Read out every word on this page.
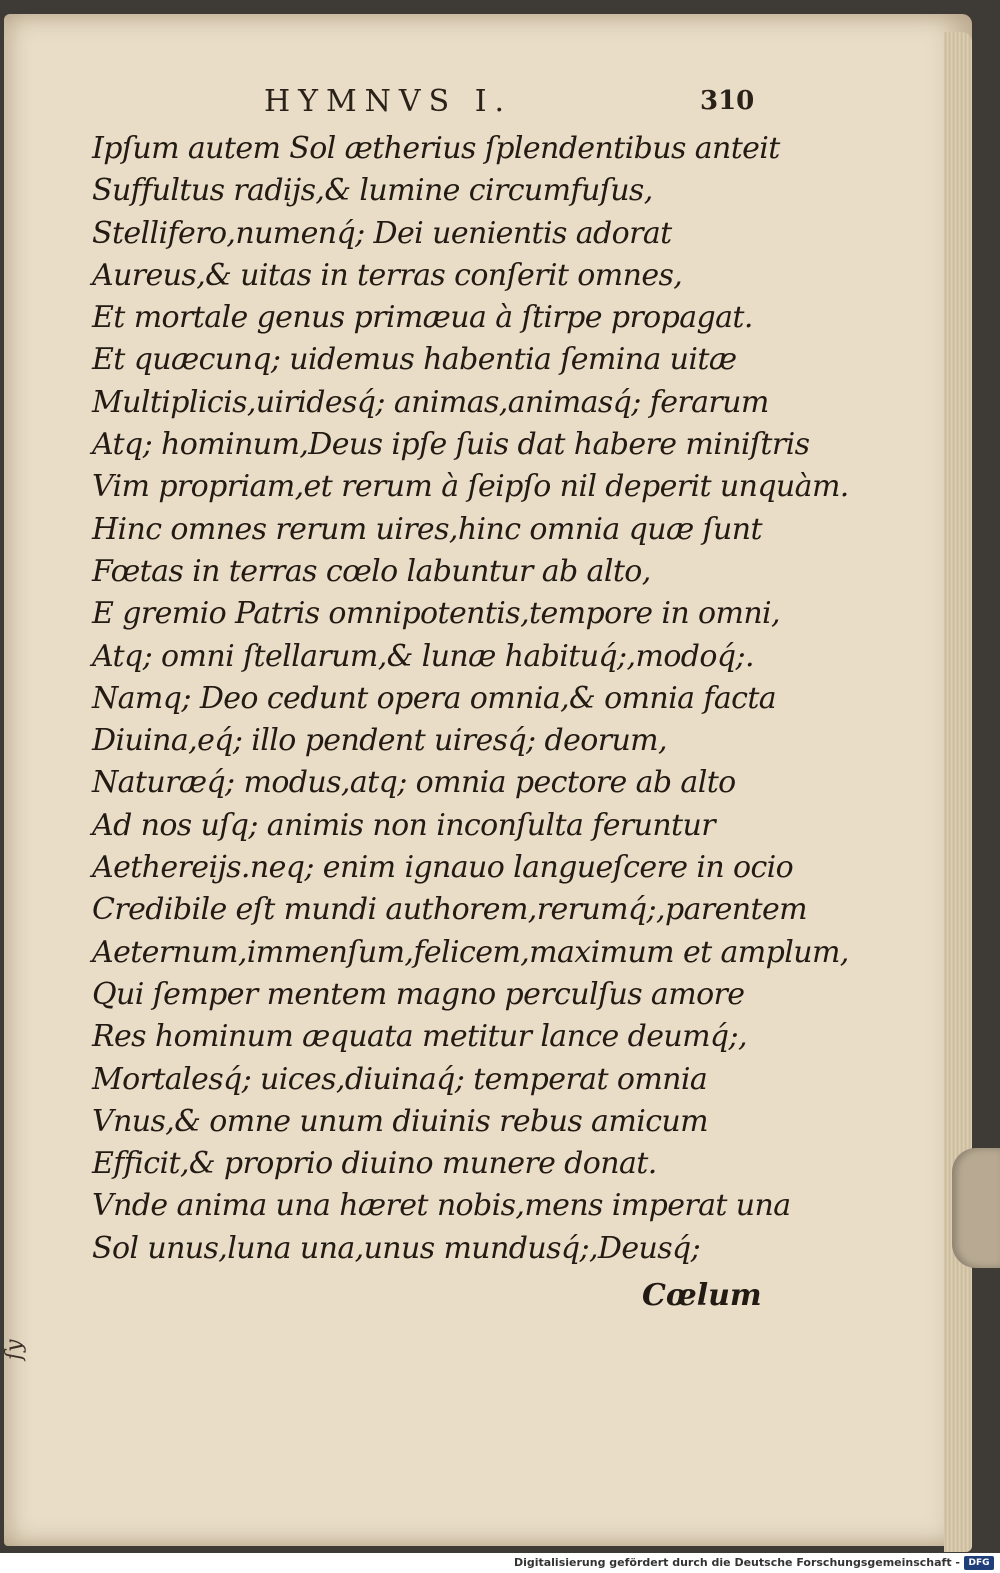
ſy
HYMNVS I.	310
Ipſum autem Sol ætherius ſplendentibus anteit
Suffultus radijs,& lumine circumfuſus,
Stellifero,numenq́; Dei uenientis adorat
Aureus,& uitas in terras conſerit omnes,
Et mortale genus primæua à ſtirpe propagat.
Et quæcunq; uidemus habentia ſemina uitæ
Multiplicis,uiridesq́; animas,animasq́; ferarum
Atq; hominum,Deus ipſe ſuis dat habere miniſtris
Vim propriam,et rerum à ſeipſo nil deperit unquàm.
Hinc omnes rerum uires,hinc omnia quæ ſunt
Fœtas in terras cœlo labuntur ab alto,
E gremio Patris omnipotentis,tempore in omni,
Atq; omni ſtellarum,& lunæ habituq́;,modoq́;.
Namq; Deo cedunt opera omnia,& omnia facta
Diuina,eq́; illo pendent uiresq́; deorum,
Naturæq́; modus,atq; omnia pectore ab alto
Ad nos uſq; animis non inconſulta feruntur
Aethereijs.neq; enim ignauo langueſcere in ocio
Credibile eſt mundi authorem,rerumq́;,parentem
Aeternum,immenſum,felicem,maximum et amplum,
Qui ſemper mentem magno perculſus amore
Res hominum æquata metitur lance deumq́;,
Mortalesq́; uices,diuinaq́; temperat omnia
Vnus,& omne unum diuinis rebus amicum
Efficit,& proprio diuino munere donat.
Vnde anima una hæret nobis,mens imperat una
Sol unus,luna una,unus mundusq́;,Deusq́;
Cœlum
Digitalisierung gefördert durch die Deutsche Forschungsgemeinschaft - DFG
